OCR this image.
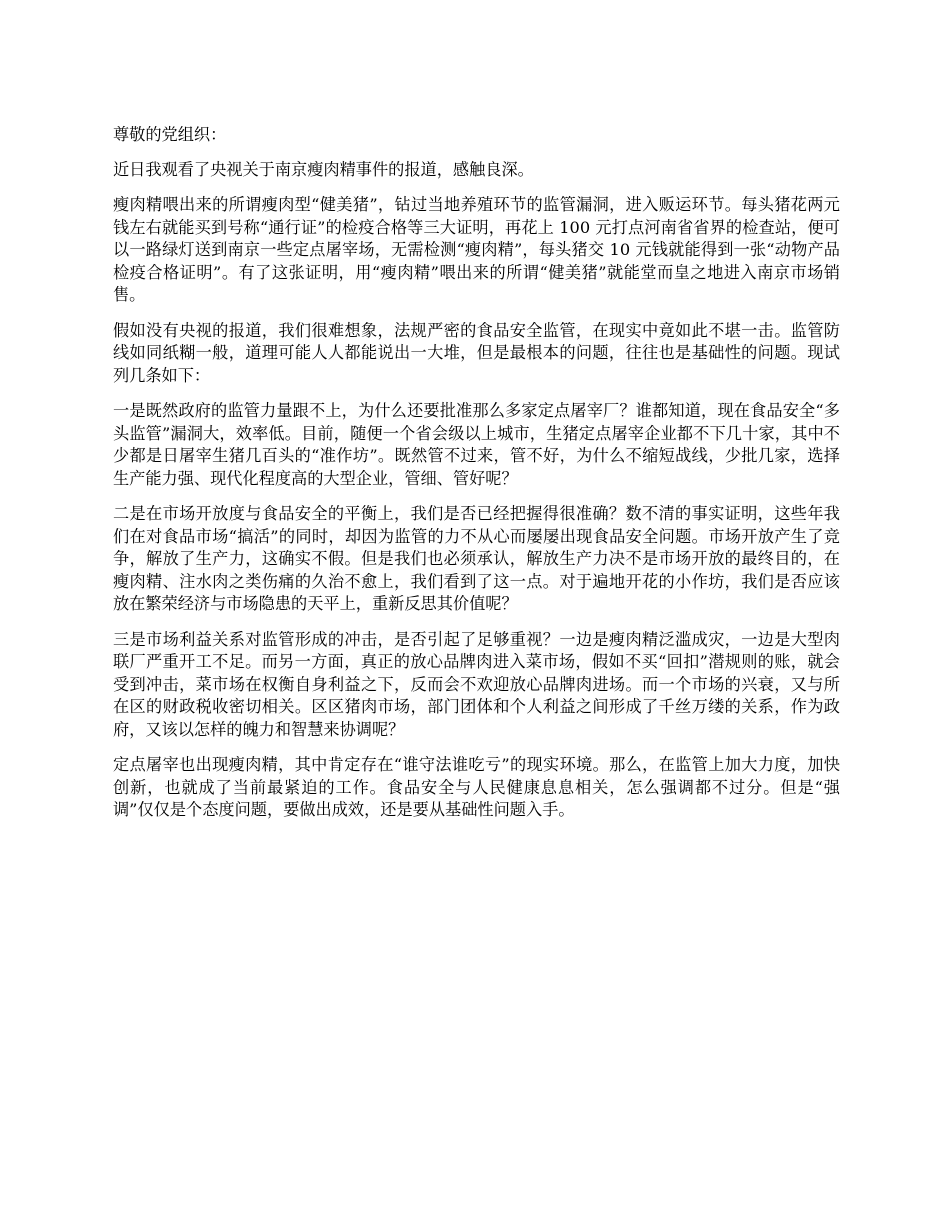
尊敬的党组织：

近日我观看了央视关于南京瘦肉精事件的报道，感触良深。

瘦肉精喂出来的所谓瘦肉型“健美猪”，钻过当地养殖环节的监管漏洞，进入贩运环节。每头猪花两元钱左右就能买到号称“通行证”的检疫合格等三大证明，再花上 100 元打点河南省省界的检查站，便可以一路绿灯送到南京一些定点屠宰场，无需检测“瘦肉精”，每头猪交 10 元钱就能得到一张“动物产品检疫合格证明”。有了这张证明，用“瘦肉精”喂出来的所谓“健美猪”就能堂而皇之地进入南京市场销售。

假如没有央视的报道，我们很难想象，法规严密的食品安全监管，在现实中竟如此不堪一击。监管防线如同纸糊一般，道理可能人人都能说出一大堆，但是最根本的问题，往往也是基础性的问题。现试列几条如下：

一是既然政府的监管力量跟不上，为什么还要批准那么多家定点屠宰厂？谁都知道，现在食品安全“多头监管”漏洞大，效率低。目前，随便一个省会级以上城市，生猪定点屠宰企业都不下几十家，其中不少都是日屠宰生猪几百头的“准作坊”。既然管不过来，管不好，为什么不缩短战线，少批几家，选择生产能力强、现代化程度高的大型企业，管细、管好呢？

二是在市场开放度与食品安全的平衡上，我们是否已经把握得很准确？数不清的事实证明，这些年我们在对食品市场“搞活”的同时，却因为监管的力不从心而屡屡出现食品安全问题。市场开放产生了竞争，解放了生产力，这确实不假。但是我们也必须承认，解放生产力决不是市场开放的最终目的，在瘦肉精、注水肉之类伤痛的久治不愈上，我们看到了这一点。对于遍地开花的小作坊，我们是否应该放在繁荣经济与市场隐患的天平上，重新反思其价值呢？

三是市场利益关系对监管形成的冲击，是否引起了足够重视？一边是瘦肉精泛滥成灾，一边是大型肉联厂严重开工不足。而另一方面，真正的放心品牌肉进入菜市场，假如不买“回扣”潜规则的账，就会受到冲击，菜市场在权衡自身利益之下，反而会不欢迎放心品牌肉进场。而一个市场的兴衰，又与所在区的财政税收密切相关。区区猪肉市场，部门团体和个人利益之间形成了千丝万缕的关系，作为政府，又该以怎样的魄力和智慧来协调呢？

定点屠宰也出现瘦肉精，其中肯定存在“谁守法谁吃亏”的现实环境。那么，在监管上加大力度，加快创新，也就成了当前最紧迫的工作。食品安全与人民健康息息相关，怎么强调都不过分。但是“强调”仅仅是个态度问题，要做出成效，还是要从基础性问题入手。
